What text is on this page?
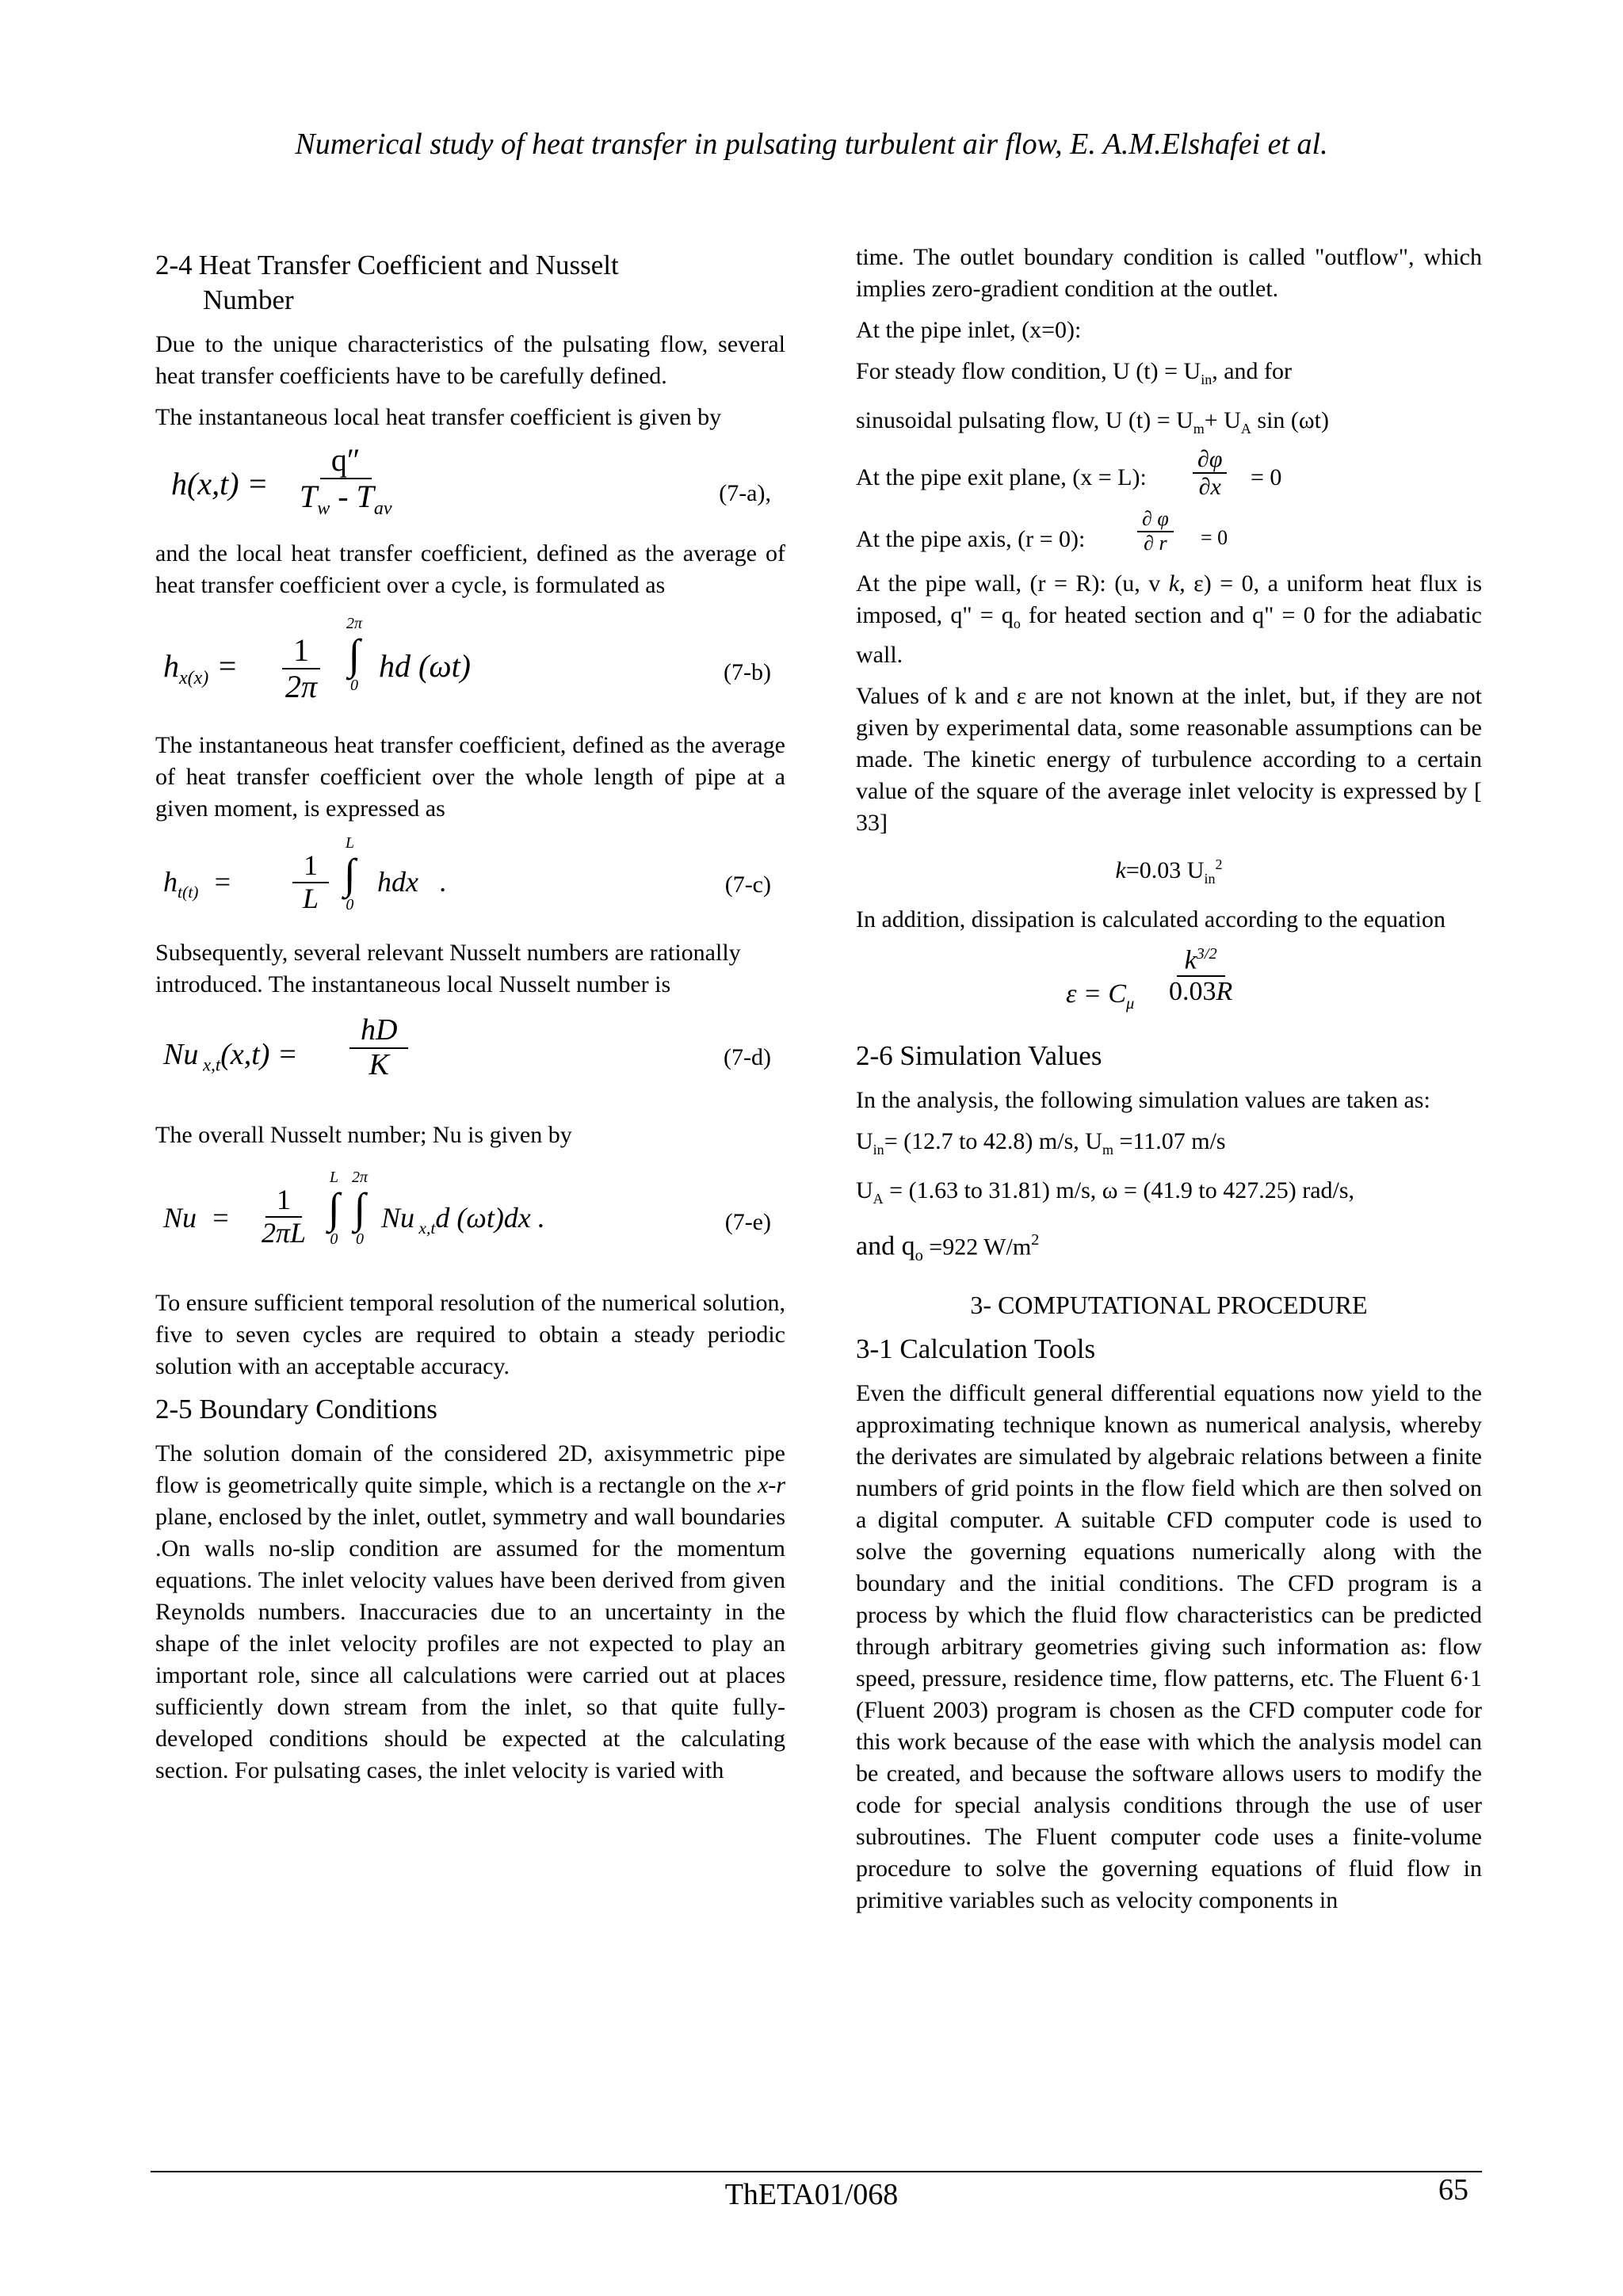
Numerical study of heat transfer in pulsating turbulent air flow, E. A.M.Elshafei et al.
2-4 Heat Transfer Coefficient and Nusselt
Number

Due to the unique characteristics of the pulsating flow, several heat transfer coefficients have to be carefully defined.

The instantaneous local heat transfer coefficient is given by

h(x,t) =
q″
$T_w - T_{av}$
(7-a),

and the local heat transfer coefficient, defined as the average of heat transfer coefficient over a cycle, is formulated as

$h_{x(x)} = \frac{1}{2\pi}$
2π
∫
0
hd (ωt)	(7-b)

The instantaneous heat transfer coefficient, defined as the average of heat transfer coefficient over the whole length of pipe at a given moment, is expressed as

$h_{t(t)} = \frac{1}{L}$
L
∫
0
hdx   .	(7-c)

Subsequently, several relevant Nusselt numbers are rationally introduced. The instantaneous local Nusselt number is

Nu $_{x,t}(x,t) = \frac{hD}{K}$	(7-d)

The overall Nusselt number; Nu is given by

$Nu = \frac{1}{2\pi L}$
L
∫
0
2π
∫
0
Nu $_{x,t}$d (ωt)dx .	(7-e)

To ensure sufficient temporal resolution of the numerical solution, five to seven cycles are required to obtain a steady periodic solution with an acceptable accuracy.

2-5 Boundary Conditions

The solution domain of the considered 2D, axisymmetric pipe flow is geometrically quite simple, which is a rectangle on the x-r plane, enclosed by the inlet, outlet, symmetry and wall boundaries .On walls no-slip condition are assumed for the momentum equations. The inlet velocity values have been derived from given Reynolds numbers. Inaccuracies due to an uncertainty in the shape of the inlet velocity profiles are not expected to play an important role, since all calculations were carried out at places sufficiently down stream from the inlet, so that quite fully-developed conditions should be expected at the calculating section. For pulsating cases, the inlet velocity is varied with

time. The outlet boundary condition is called "outflow", which implies zero-gradient condition at the outlet.

At the pipe inlet, (x=0):

For steady flow condition, U $(t) = U_{in}$, and for

sinusoidal pulsating flow, U $(t) = U_m+ U_A$ sin (ωt)

At the pipe exit plane, (x = L): $\frac{\partial\varphi}{\partial x} = 0$
At the pipe axis, (r = 0):	$\frac{\partial \varphi}{\partial r} = 0$

At the pipe wall, (r = R): (u, v k, ε) = 0, a uniform heat flux is imposed, q" = $q_o$ for heated section and q" = 0 for the adiabatic wall.

Values of k and ε are not known at the inlet, but, if they are not given by experimental data, some reasonable assumptions can be made. The kinetic energy of turbulence according to a certain value of the square of the average inlet velocity is expressed by [ 33]

k=0.03 $U_{in}^2$

In addition, dissipation is calculated according to the equation

$\varepsilon = C_\mu \frac{k^{3/2}}{0.03R}$
2-6 Simulation Values

In the analysis, the following simulation values are taken as:

$U_{in}= (12.7$ to 42.8) m/s, $U_m =11.07$ m/s

$U_A = (1.63$ to 31.81) m/s, ω = (41.9 to 427.25) rad/s,

and $q_o =922$ $W/m^2$

3- COMPUTATIONAL PROCEDURE
3-1 Calculation Tools

Even the difficult general differential equations now yield to the approximating technique known as numerical analysis, whereby the derivates are simulated by algebraic relations between a finite numbers of grid points in the flow field which are then solved on a digital computer. A suitable CFD computer code is used to solve the governing equations numerically along with the boundary and the initial conditions. The CFD program is a process by which the fluid flow characteristics can be predicted through arbitrary geometries giving such information as: flow speed, pressure, residence time, flow patterns, etc. The Fluent 6·1 (Fluent 2003) program is chosen as the CFD computer code for this work because of the ease with which the analysis model can be created, and because the software allows users to modify the code for special analysis conditions through the use of user subroutines. The Fluent computer code uses a finite-volume procedure to solve the governing equations of fluid flow in primitive variables such as velocity components in

ThETA01/068	65
